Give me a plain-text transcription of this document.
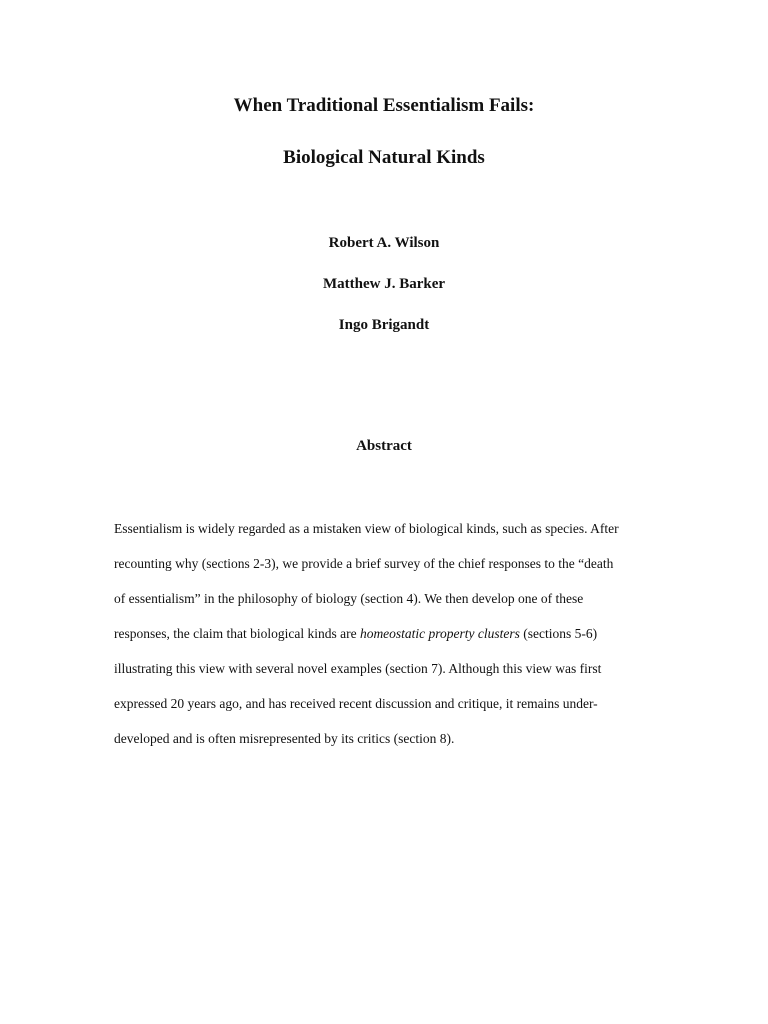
When Traditional Essentialism Fails:
Biological Natural Kinds
Robert A. Wilson
Matthew J. Barker
Ingo Brigandt
Abstract
Essentialism is widely regarded as a mistaken view of biological kinds, such as species. After
recounting why (sections 2-3), we provide a brief survey of the chief responses to the “death
of essentialism” in the philosophy of biology (section 4). We then develop one of these
responses, the claim that biological kinds are homeostatic property clusters (sections 5-6)
illustrating this view with several novel examples (section 7). Although this view was first
expressed 20 years ago, and has received recent discussion and critique, it remains under-
developed and is often misrepresented by its critics (section 8).
